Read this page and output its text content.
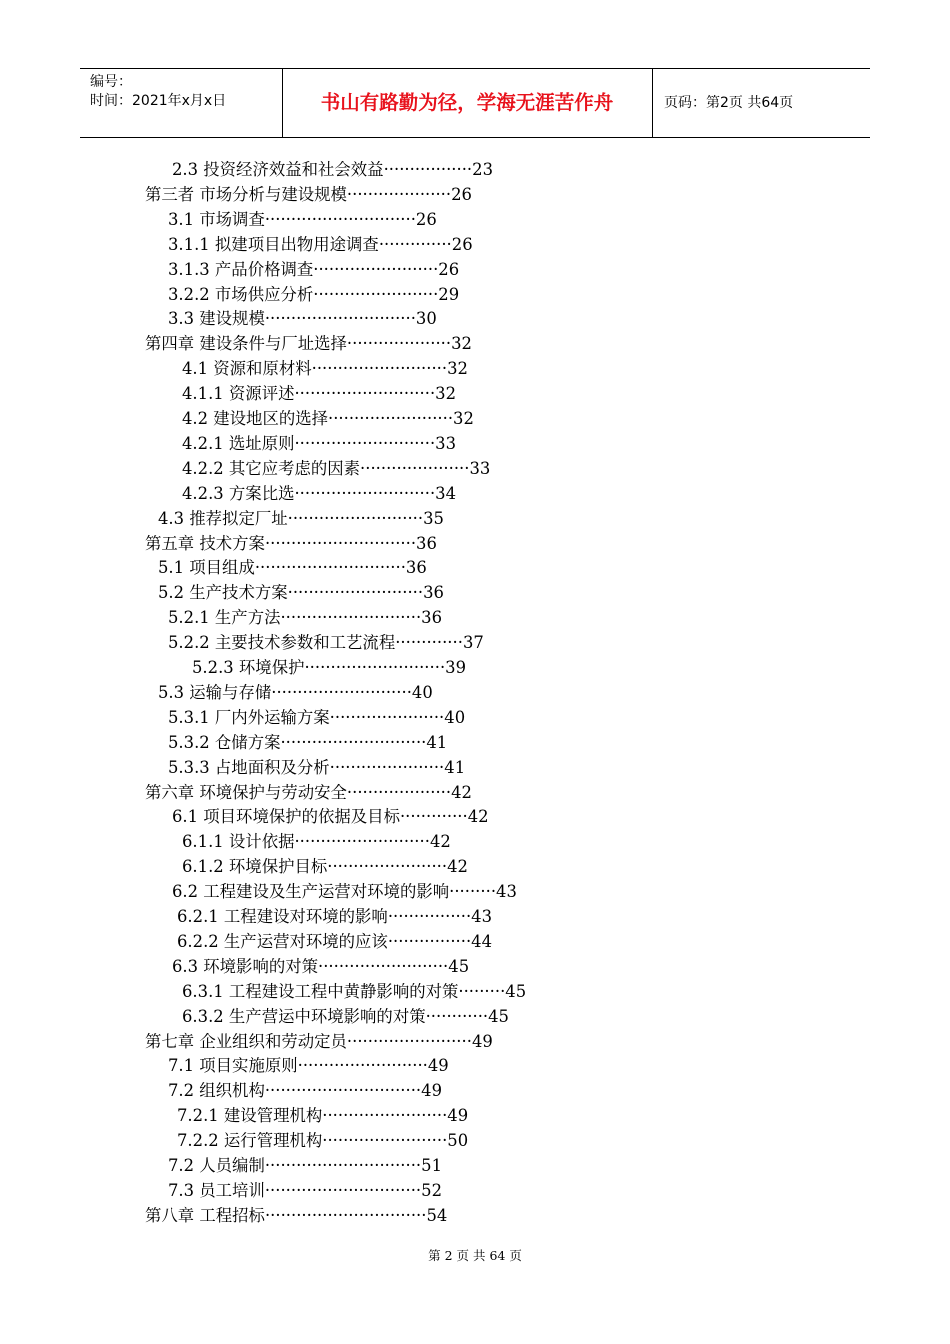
编号：
时间：2021年x月x日	书山有路勤为径，学海无涯苦作舟	页码：第2页 共64页
2.3 投资经济效益和社会效益·················23
第三者 市场分析与建设规模····················26
3.1 市场调查·····························26
3.1.1 拟建项目出物用途调查··············26
3.1.3 产品价格调查························26
3.2.2 市场供应分析························29
3.3 建设规模·····························30
第四章 建设条件与厂址选择····················32
4.1 资源和原材料··························32
4.1.1 资源评述···························32
4.2 建设地区的选择························32
4.2.1 选址原则···························33
4.2.2 其它应考虑的因素·····················33
4.2.3 方案比选···························34
4.3 推荐拟定厂址··························35
第五章 技术方案·····························36
5.1 项目组成·····························36
5.2 生产技术方案··························36
5.2.1 生产方法···························36
5.2.2 主要技术参数和工艺流程·············37
5.2.3 环境保护···························39
5.3 运输与存储···························40
5.3.1 厂内外运输方案······················40
5.3.2 仓储方案····························41
5.3.3 占地面积及分析······················41
第六章 环境保护与劳动安全····················42
6.1 项目环境保护的依据及目标·············42
6.1.1 设计依据··························42
6.1.2 环境保护目标·······················42
6.2 工程建设及生产运营对环境的影响·········43
6.2.1 工程建设对环境的影响················43
6.2.2 生产运营对环境的应该················44
6.3 环境影响的对策·························45
6.3.1 工程建设工程中黄静影响的对策·········45
6.3.2 生产营运中环境影响的对策············45
第七章 企业组织和劳动定员························49
7.1 项目实施原则·························49
7.2 组织机构······························49
7.2.1 建设管理机构························49
7.2.2 运行管理机构························50
7.2 人员编制······························51
7.3 员工培训······························52
第八章 工程招标·······························54
第 2 页 共 64 页
